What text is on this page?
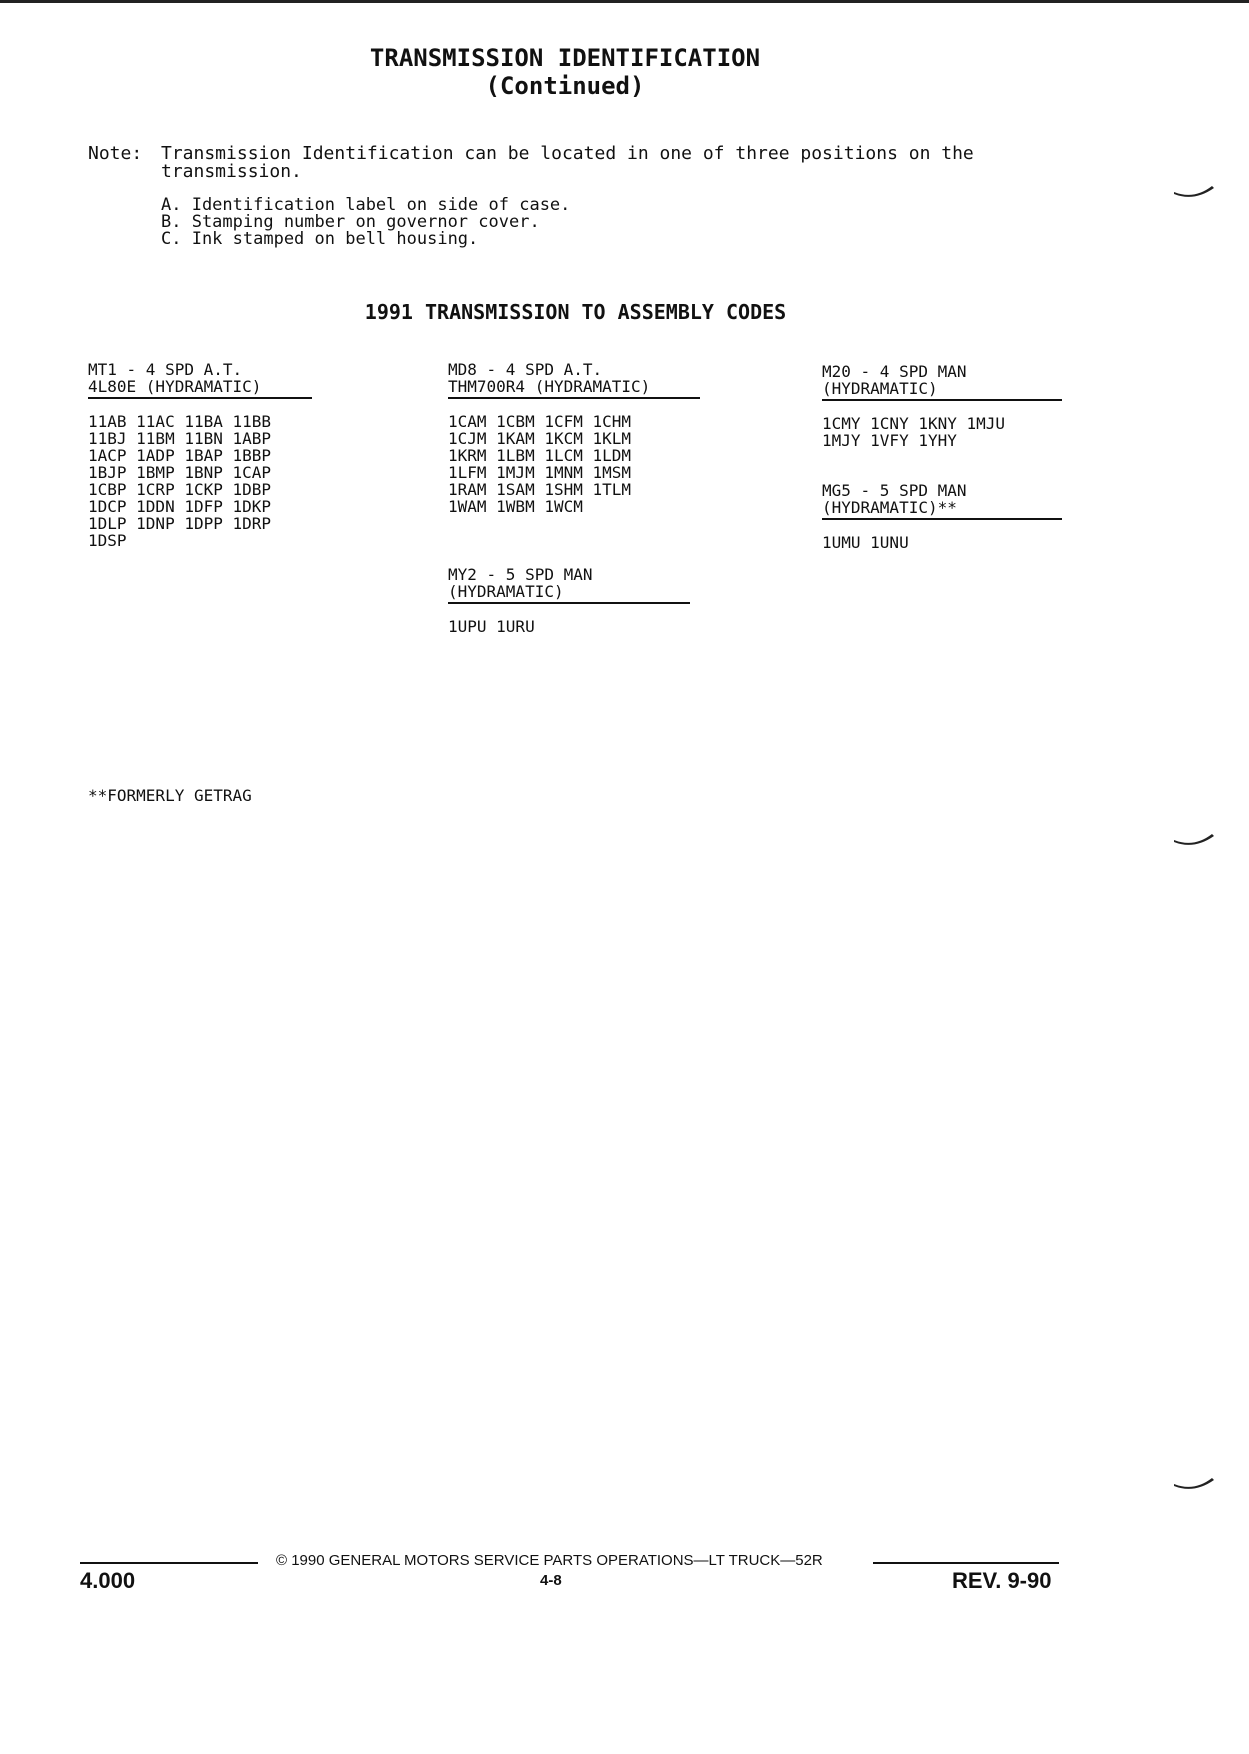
TRANSMISSION IDENTIFICATION
(Continued)
Note: Transmission Identification can be located in one of three positions on the transmission.
A. Identification label on side of case.
B. Stamping number on governor cover.
C. Ink stamped on bell housing.
1991 TRANSMISSION TO ASSEMBLY CODES
MT1 - 4 SPD A.T.
4L80E (HYDRAMATIC)
11AB 11AC 11BA 11BB
11BJ 11BM 11BN 1ABP
1ACP 1ADP 1BAP 1BBP
1BJP 1BMP 1BNP 1CAP
1CBP 1CRP 1CKP 1DBP
1DCP 1DDN 1DFP 1DKP
1DLP 1DNP 1DPP 1DRP
1DSP
MD8 - 4 SPD A.T.
THM700R4 (HYDRAMATIC)
1CAM 1CBM 1CFM 1CHM
1CJM 1KAM 1KCM 1KLM
1KRM 1LBM 1LCM 1LDM
1LFM 1MJM 1MNM 1MSM
1RAM 1SAM 1SHM 1TLM
1WAM 1WBM 1WCM
MY2 - 5 SPD MAN
(HYDRAMATIC)
1UPU 1URU
M20 - 4 SPD MAN
(HYDRAMATIC)
1CMY 1CNY 1KNY 1MJU
1MJY 1VFY 1YHY
MG5 - 5 SPD MAN
(HYDRAMATIC)**
1UMU 1UNU
**FORMERLY GETRAG
© 1990 GENERAL MOTORS SERVICE PARTS OPERATIONS—LT TRUCK—52R
4.000	4-8	REV. 9-90
